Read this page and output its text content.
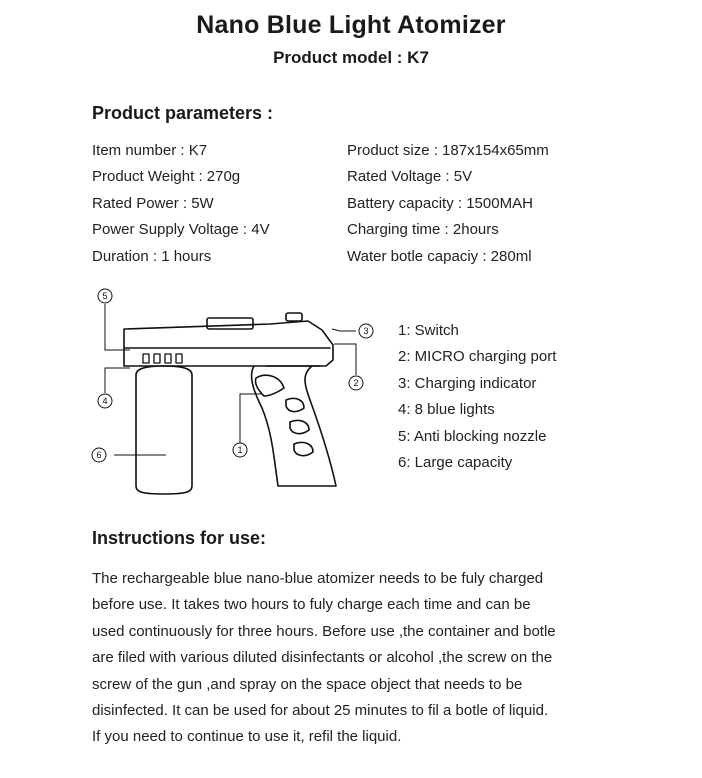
Nano Blue Light Atomizer
Product model : K7
Product parameters :
Item number : K7
Product Weight : 270g
Rated Power : 5W
Power Supply Voltage : 4V
Duration : 1 hours
Product size : 187x154x65mm
Rated Voltage : 5V
Battery capacity : 1500MAH
Charging time : 2hours
Water botle capaciy : 280ml
5
4
6	1
2
3 1: Switch
2: MICRO charging port
3: Charging indicator
4: 8 blue lights
5: Anti blocking nozzle
6: Large capacity
Instructions for use:
The rechargeable blue nano-blue atomizer needs to be fuly charged
before use. It takes two hours to fuly charge each time and can be
used continuously for three hours. Before use ,the container and botle
are filed with various diluted disinfectants or alcohol ,the screw on the
screw of the gun ,and spray on the space object that needs to be
disinfected. It can be used for about 25 minutes to fil a botle of liquid.
If you need to continue to use it, refil the liquid.
